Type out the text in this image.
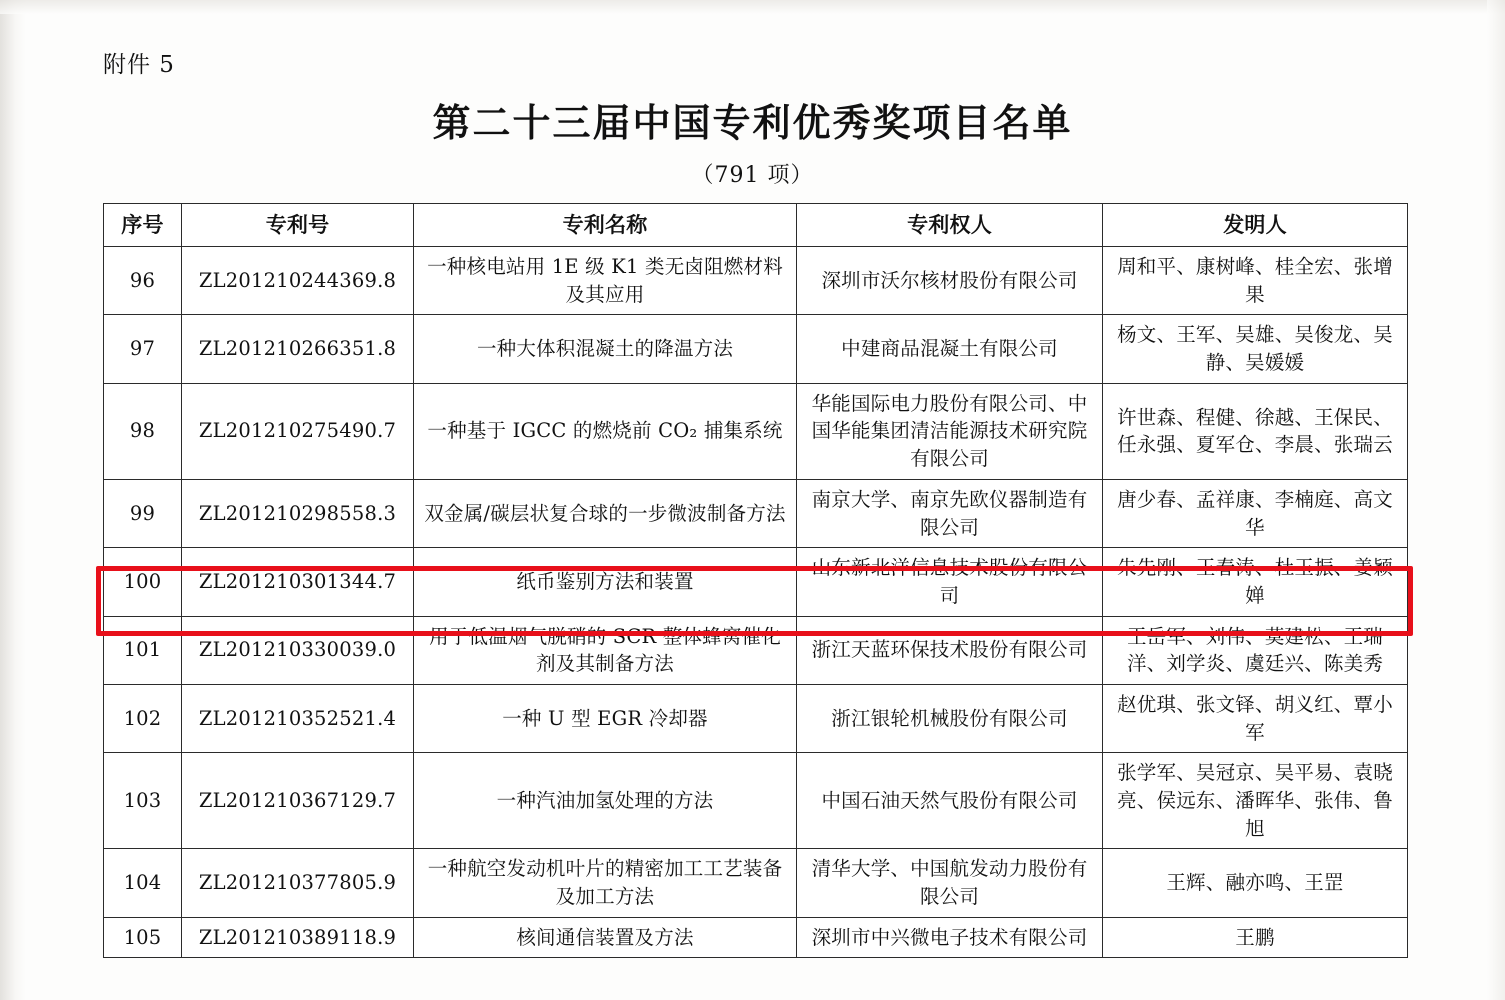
附件 5
第二十三届中国专利优秀奖项目名单
（791 项）
序号	专利号	专利名称	专利权人	发明人
96	ZL201210244369.8	一种核电站用 1E 级 K1 类无卤阻燃材料及其应用	深圳市沃尔核材股份有限公司	周和平、康树峰、桂全宏、张增果
97	ZL201210266351.8	一种大体积混凝土的降温方法	中建商品混凝土有限公司	杨文、王军、吴雄、吴俊龙、吴静、吴媛媛
98	ZL201210275490.7	一种基于 IGCC 的燃烧前 CO₂ 捕集系统	华能国际电力股份有限公司、中国华能集团清洁能源技术研究院有限公司	许世森、程健、徐越、王保民、任永强、夏军仓、李晨、张瑞云
99	ZL201210298558.3	双金属/碳层状复合球的一步微波制备方法	南京大学、南京先欧仪器制造有限公司	唐少春、孟祥康、李楠庭、高文华
100	ZL201210301344.7	纸币鉴别方法和装置	山东新北洋信息技术股份有限公司	朱先刚、王春涛、杜玉振、姜颖婵
101	ZL201210330039.0	用于低温烟气脱硝的 SCR 整体蜂窝催化剂及其制备方法	浙江天蓝环保技术股份有限公司	王岳军、刘伟、莫建松、王瑞洋、刘学炎、虞廷兴、陈美秀
102	ZL201210352521.4	一种 U 型 EGR 冷却器	浙江银轮机械股份有限公司	赵优琪、张文铎、胡义红、覃小军
103	ZL201210367129.7	一种汽油加氢处理的方法	中国石油天然气股份有限公司	张学军、吴冠京、吴平易、袁晓亮、侯远东、潘晖华、张伟、鲁旭
104	ZL201210377805.9	一种航空发动机叶片的精密加工工艺装备及加工方法	清华大学、中国航发动力股份有限公司	王辉、融亦鸣、王罡
105	ZL201210389118.9	核间通信装置及方法	深圳市中兴微电子技术有限公司	王鹏
